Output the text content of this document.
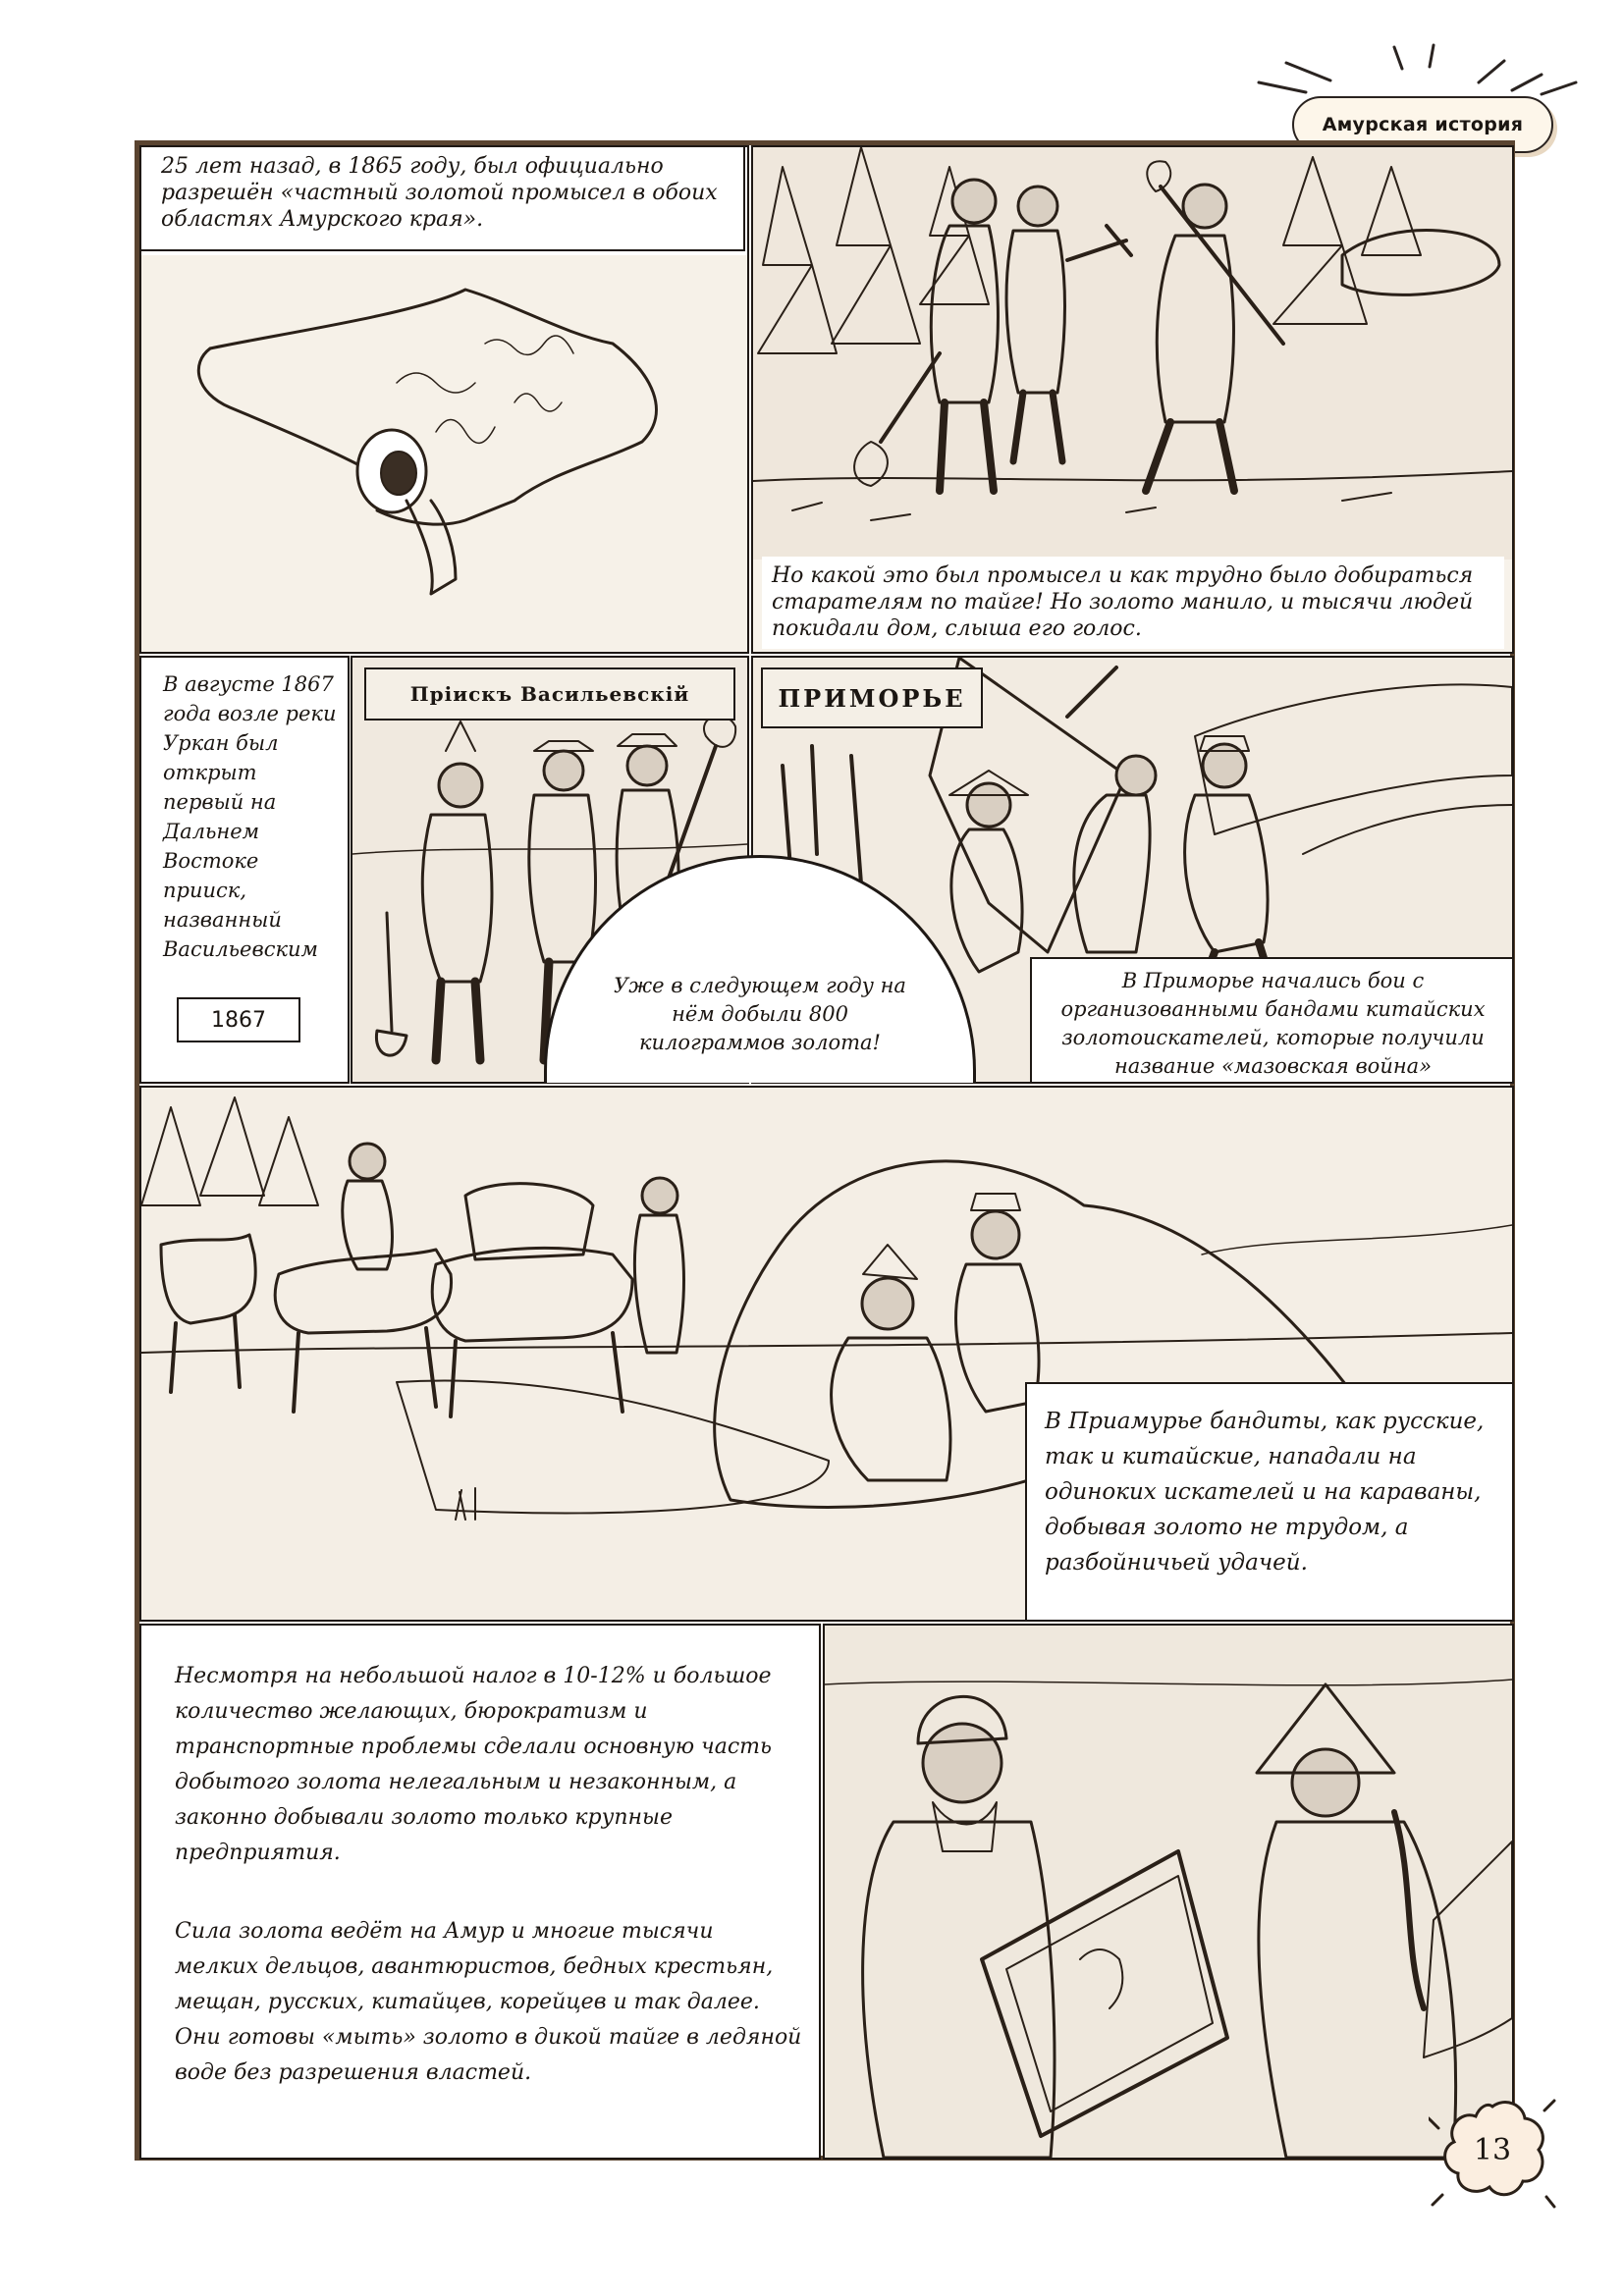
Амурская история
25 лет назад, в 1865 году, был официально разрешён «частный золотой промысел в обоих областях Амурского края».
Но какой это был промысел и как трудно было добираться старателям по тайге! Но золото манило, и тысячи людей покидали дом, слыша его голос.
В августе 1867 года возле реки Уркан был открыт первый на Дальнем Востоке прииск, названный Васильевским
1867
Прiискъ Васильевскiй	ПРИМОРЬЕ
В Приморье начались бои с организованными бандами китайских золотоискателей, которые получили название «мазовская война»
Уже в следующем году на нём добыли 800 килограммов золота!
В Приамурье бандиты, как русские, так и китайские, нападали на одиноких искателей и на караваны, добывая золото не трудом, а разбойничьей удачей.
Несмотря на небольшой налог в 10-12% и большое количество желающих, бюрократизм и транспортные проблемы сделали основную часть добытого золота нелегальным и незаконным, а законно добывали золото только крупные предприятия.
Сила золота ведёт на Амур и многие тысячи мелких дельцов, авантюристов, бедных крестьян, мещан, русских, китайцев, корейцев и так далее. Они готовы «мыть» золото в дикой тайге в ледяной воде без разрешения властей.
13
